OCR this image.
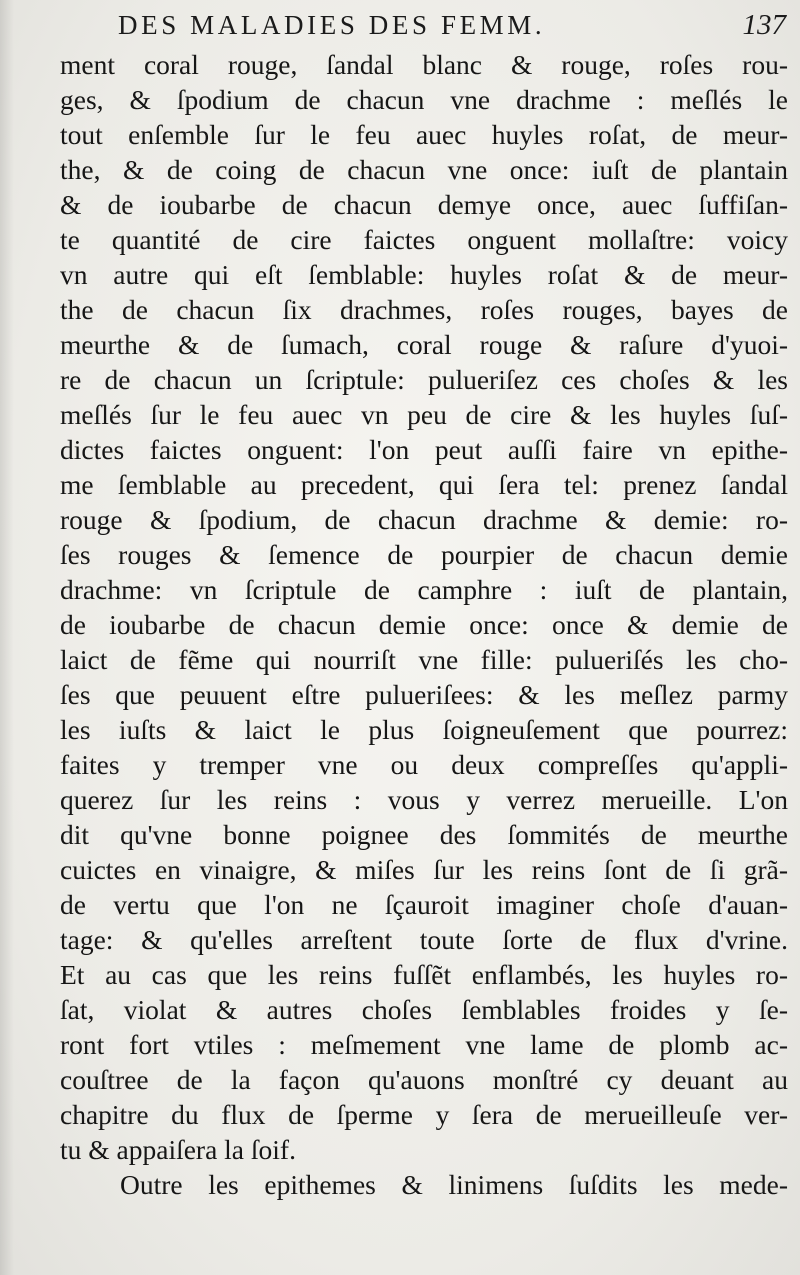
DES MALADIES DES FEMM.	137
ment coral rouge, ſandal blanc & rouge, roſes rou-
ges, & ſpodium de chacun vne drachme : meſlés le
tout enſemble ſur le feu auec huyles roſat, de meur-
the, & de coing de chacun vne once: iuſt de plantain
& de ioubarbe de chacun demye once, auec ſuffiſan-
te quantité de cire faictes onguent mollaſtre: voicy
vn autre qui eſt ſemblable: huyles roſat & de meur-
the de chacun ſix drachmes, roſes rouges, bayes de
meurthe & de ſumach, coral rouge & raſure d'yuoi-
re de chacun un ſcriptule: pulueriſez ces choſes & les
meſlés ſur le feu auec vn peu de cire & les huyles ſuſ-
dictes faictes onguent: l'on peut auſſi faire vn epithe-
me ſemblable au precedent, qui ſera tel: prenez ſandal
rouge & ſpodium, de chacun drachme & demie: ro-
ſes rouges & ſemence de pourpier de chacun demie
drachme: vn ſcriptule de camphre : iuſt de plantain,
de ioubarbe de chacun demie once: once & demie de
laict de fẽme qui nourriſt vne fille: pulueriſés les cho-
ſes que peuuent eſtre pulueriſees: & les meſlez parmy
les iuſts & laict le plus ſoigneuſement que pourrez:
faites y tremper vne ou deux compreſſes qu'appli-
querez ſur les reins : vous y verrez merueille. L'on
dit qu'vne bonne poignee des ſommités de meurthe
cuictes en vinaigre, & miſes ſur les reins ſont de ſi grã-
de vertu que l'on ne ſçauroit imaginer choſe d'auan-
tage: & qu'elles arreſtent toute ſorte de flux d'vrine.
Et au cas que les reins fuſſẽt enflambés, les huyles ro-
ſat, violat & autres choſes ſemblables froides y ſe-
ront fort vtiles : meſmement vne lame de plomb ac-
couſtree de la façon qu'auons monſtré cy deuant au
chapitre du flux de ſperme y ſera de merueilleuſe ver-
tu & appaiſera la ſoif.
Outre les epithemes & linimens ſuſdits les mede-
